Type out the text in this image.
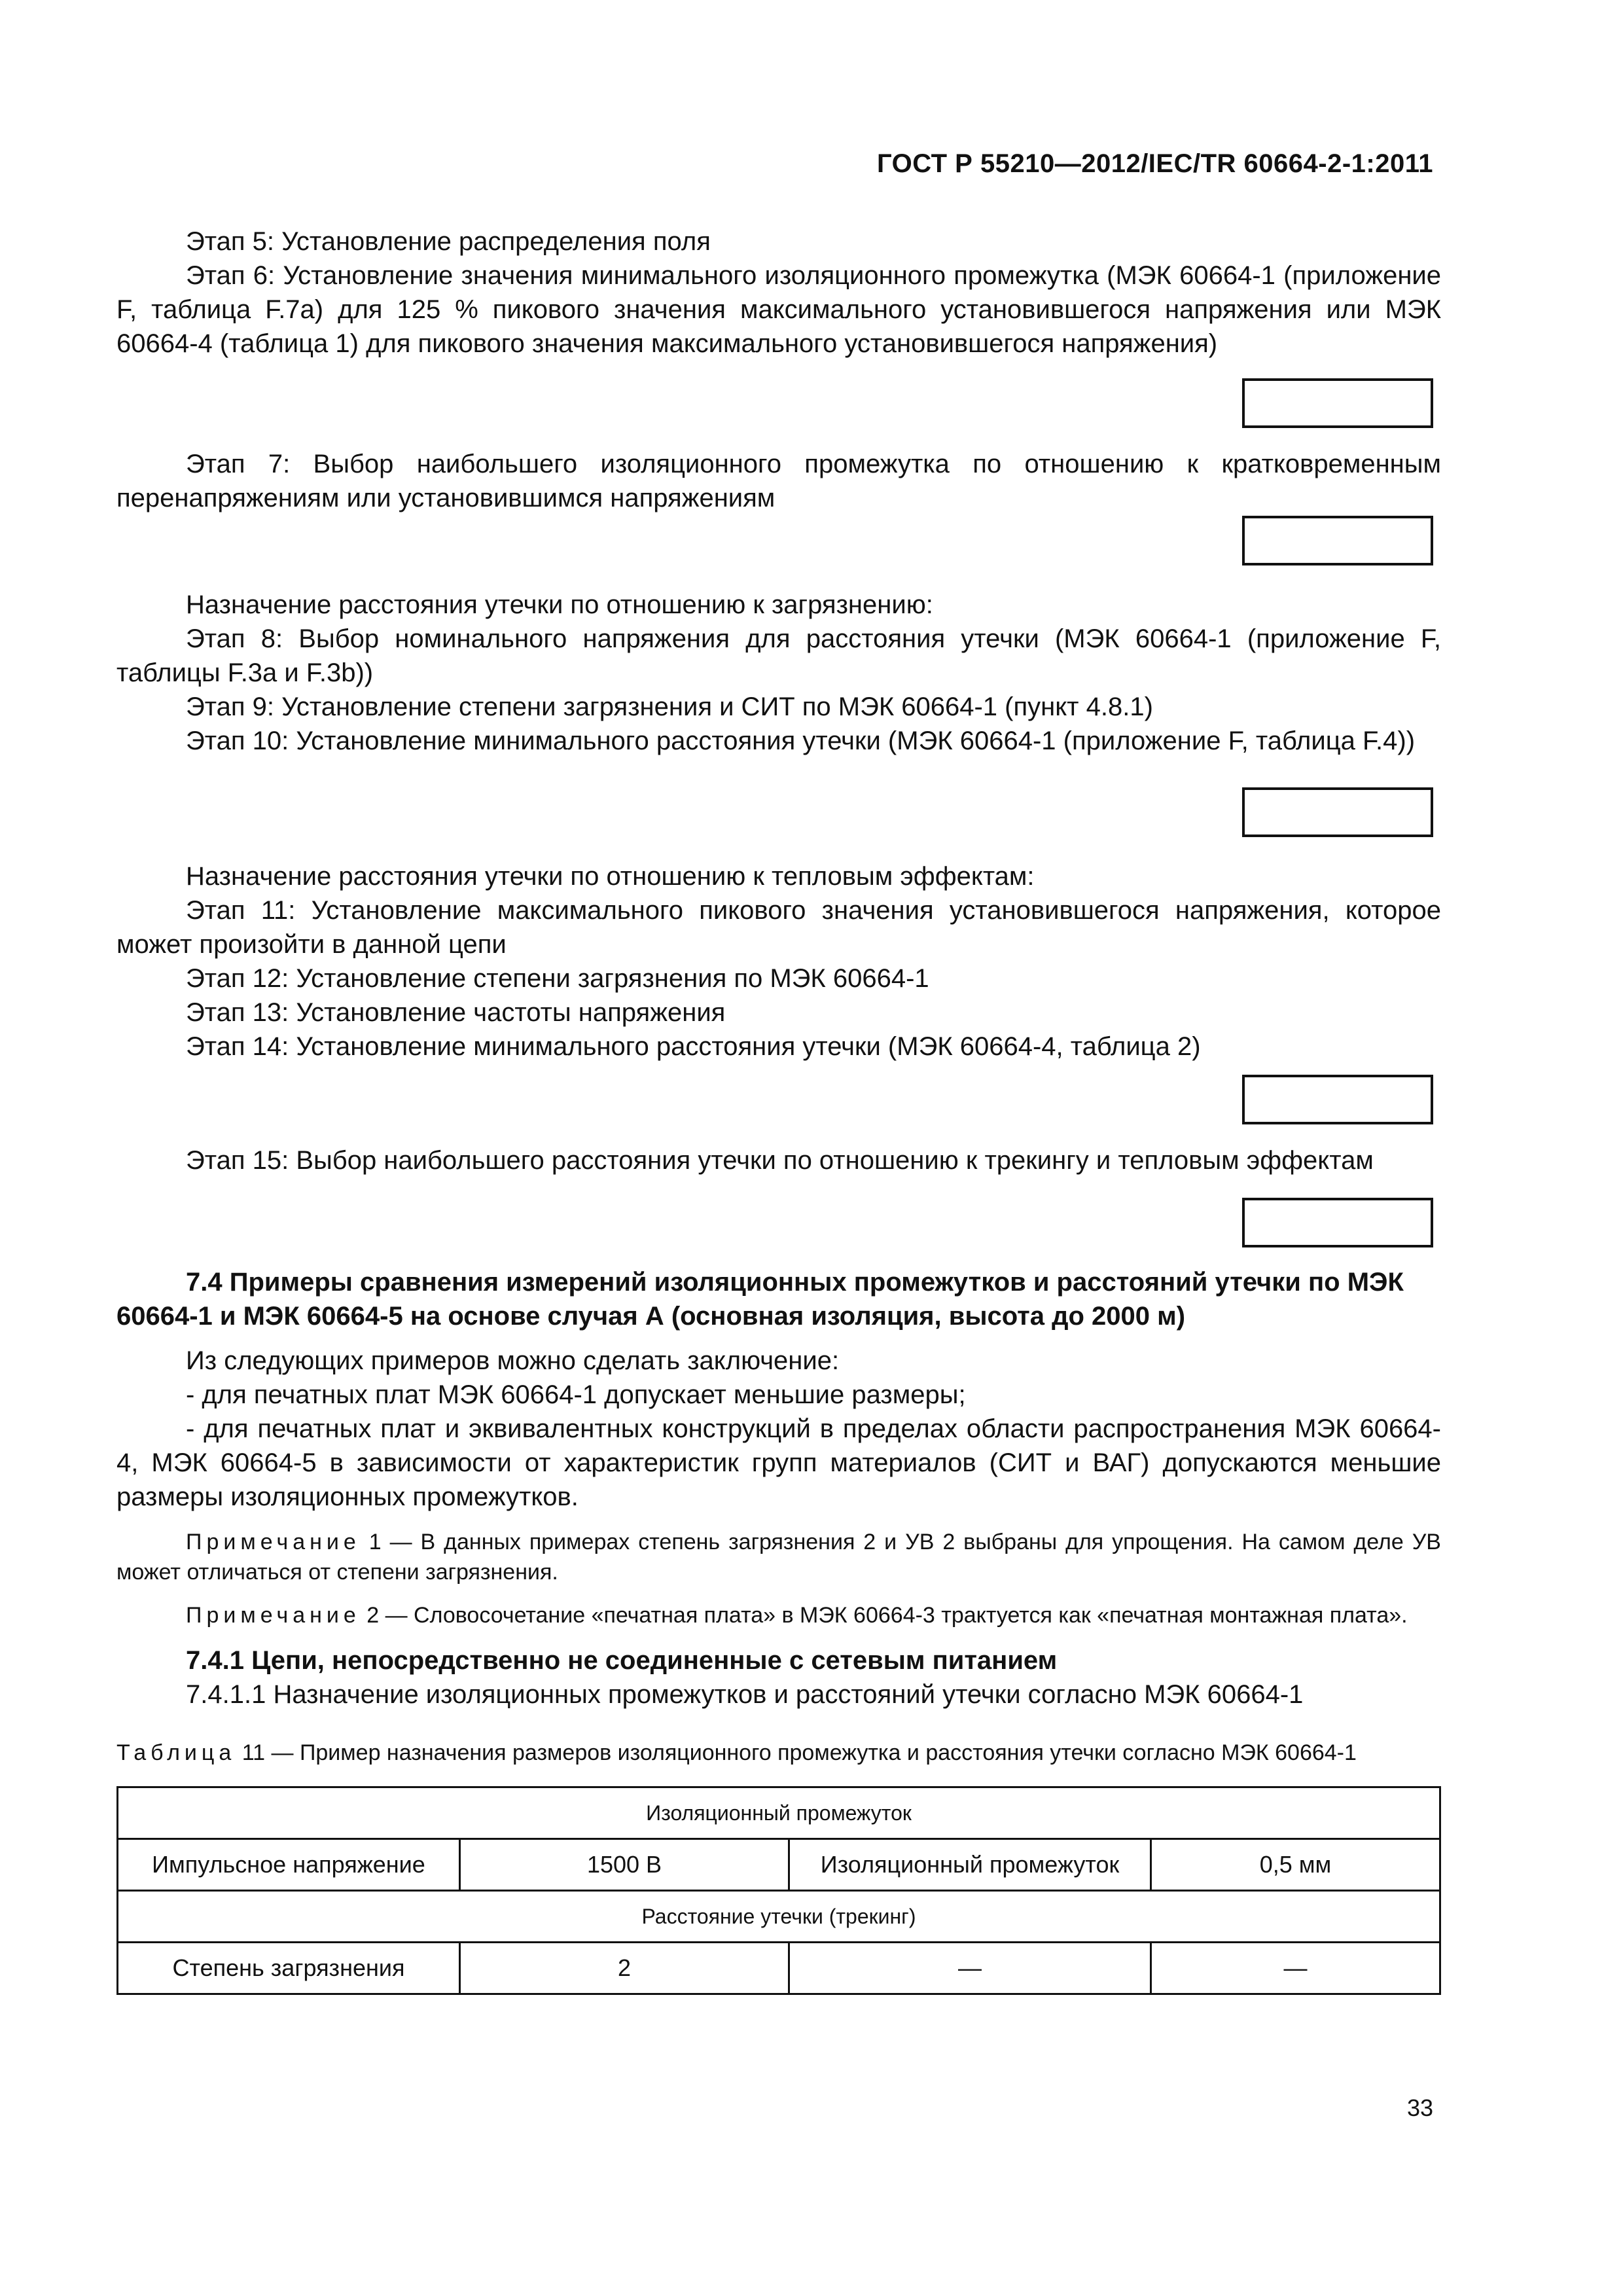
ГОСТ Р 55210—2012/IEC/TR 60664-2-1:2011

Этап 5: Установление распределения поля

Этап 6: Установление значения минимального изоляционного промежутка (МЭК 60664-1 (приложение F, таблица F.7a) для 125 % пикового значения максимального установившегося напряжения или МЭК 60664-4 (таблица 1) для пикового значения максимального установившегося напряжения)

Этап 7: Выбор наибольшего изоляционного промежутка по отношению к кратковременным перенапряжениям или установившимся напряжениям

Назначение расстояния утечки по отношению к загрязнению:

Этап 8: Выбор номинального напряжения для расстояния утечки (МЭК 60664-1 (приложение F, таблицы F.3a и F.3b))

Этап 9: Установление степени загрязнения и СИТ по МЭК 60664-1 (пункт 4.8.1)

Этап 10: Установление минимального расстояния утечки (МЭК 60664-1 (приложение F, таблица F.4))

Назначение расстояния утечки по отношению к тепловым эффектам:

Этап 11: Установление максимального пикового значения установившегося напряжения, которое может произойти в данной цепи

Этап 12: Установление степени загрязнения по МЭК 60664-1

Этап 13: Установление частоты напряжения

Этап 14: Установление минимального расстояния утечки (МЭК 60664-4, таблица 2)

Этап 15: Выбор наибольшего расстояния утечки по отношению к трекингу и тепловым эффектам

7.4 Примеры сравнения измерений изоляционных промежутков и расстояний утечки по МЭК 60664-1 и МЭК 60664-5 на основе случая А (основная изоляция, высота до 2000 м)

Из следующих примеров можно сделать заключение:

- для печатных плат МЭК 60664-1 допускает меньшие размеры;

- для печатных плат и эквивалентных конструкций в пределах области распространения МЭК 60664-4, МЭК 60664-5 в зависимости от характеристик групп материалов (СИТ и ВАГ) допускаются меньшие размеры изоляционных промежутков.

Примечание 1 — В данных примерах степень загрязнения 2 и УВ 2 выбраны для упрощения. На самом деле УВ может отличаться от степени загрязнения.

Примечание 2 — Словосочетание «печатная плата» в МЭК 60664-3 трактуется как «печатная монтажная плата».

7.4.1 Цепи, непосредственно не соединенные с сетевым питанием

7.4.1.1 Назначение изоляционных промежутков и расстояний утечки согласно МЭК 60664-1

Таблица 11 — Пример назначения размеров изоляционного промежутка и расстояния утечки согласно МЭК 60664-1

Изоляционный промежуток			
Импульсное напряжение	1500 В	Изоляционный промежуток	0,5 мм
Расстояние утечки (трекинг)			
Степень загрязнения	2	—	—
33
